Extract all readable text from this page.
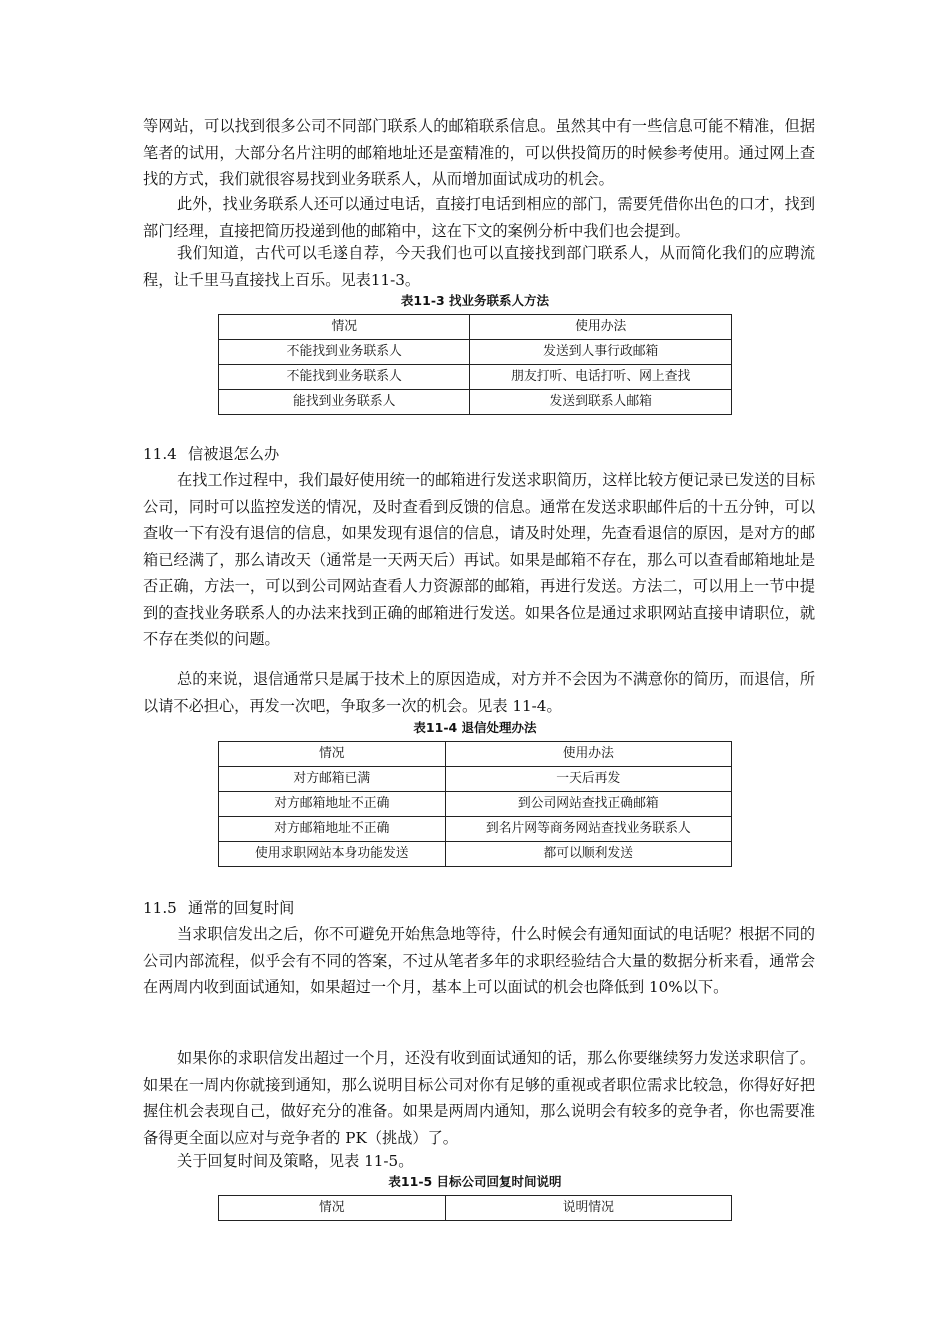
等网站，可以找到很多公司不同部门联系人的邮箱联系信息。虽然其中有一些信息可能不精准，但据笔者的试用，大部分名片注明的邮箱地址还是蛮精准的，可以供投简历的时候参考使用。通过网上查找的方式，我们就很容易找到业务联系人，从而增加面试成功的机会。
此外，找业务联系人还可以通过电话，直接打电话到相应的部门，需要凭借你出色的口才，找到部门经理，直接把简历投递到他的邮箱中，这在下文的案例分析中我们也会提到。
我们知道，古代可以毛遂自荐，今天我们也可以直接找到部门联系人，从而简化我们的应聘流程，让千里马直接找上百乐。见表11-3。
表11-3 找业务联系人方法
情况	使用办法
不能找到业务联系人	发送到人事行政邮箱
不能找到业务联系人	朋友打听、电话打听、网上查找
能找到业务联系人	发送到联系人邮箱
11.4 信被退怎么办
在找工作过程中，我们最好使用统一的邮箱进行发送求职简历，这样比较方便记录已发送的目标公司，同时可以监控发送的情况，及时查看到反馈的信息。通常在发送求职邮件后的十五分钟，可以查收一下有没有退信的信息，如果发现有退信的信息，请及时处理，先查看退信的原因，是对方的邮箱已经满了，那么请改天（通常是一天两天后）再试。如果是邮箱不存在，那么可以查看邮箱地址是否正确，方法一，可以到公司网站查看人力资源部的邮箱，再进行发送。方法二，可以用上一节中提到的查找业务联系人的办法来找到正确的邮箱进行发送。如果各位是通过求职网站直接申请职位，就不存在类似的问题。
总的来说，退信通常只是属于技术上的原因造成，对方并不会因为不满意你的简历，而退信，所以请不必担心，再发一次吧，争取多一次的机会。见表 11-4。
表11-4 退信处理办法
情况	使用办法
对方邮箱已满	一天后再发
对方邮箱地址不正确	到公司网站查找正确邮箱
对方邮箱地址不正确	到名片网等商务网站查找业务联系人
使用求职网站本身功能发送	都可以顺利发送
11.5 通常的回复时间
当求职信发出之后，你不可避免开始焦急地等待，什么时候会有通知面试的电话呢？根据不同的公司内部流程，似乎会有不同的答案，不过从笔者多年的求职经验结合大量的数据分析来看，通常会在两周内收到面试通知，如果超过一个月，基本上可以面试的机会也降低到 10%以下。
如果你的求职信发出超过一个月，还没有收到面试通知的话，那么你要继续努力发送求职信了。如果在一周内你就接到通知，那么说明目标公司对你有足够的重视或者职位需求比较急，你得好好把握住机会表现自己，做好充分的准备。如果是两周内通知，那么说明会有较多的竞争者，你也需要准备得更全面以应对与竞争者的 PK（挑战）了。
关于回复时间及策略，见表 11-5。
表11-5 目标公司回复时间说明
情况	说明情况
